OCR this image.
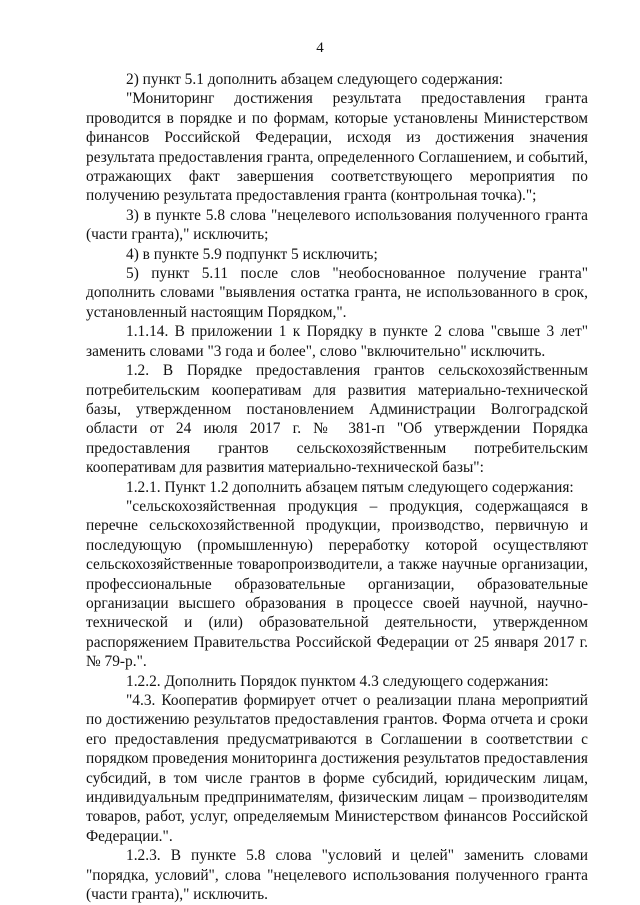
4

2) пункт 5.1 дополнить абзацем следующего содержания:

"Мониторинг достижения результата предоставления гранта проводится в порядке и по формам, которые установлены Министерством финансов Российской Федерации, исходя из достижения значения результата предоставления гранта, определенного Соглашением, и событий, отражающих факт завершения соответствующего мероприятия по получению результата предоставления гранта (контрольная точка).";

3) в пункте 5.8 слова "нецелевого использования полученного гранта (части гранта)," исключить;

4) в пункте 5.9 подпункт 5 исключить;

5) пункт 5.11 после слов "необоснованное получение гранта" дополнить словами "выявления остатка гранта, не использованного в срок, установленный настоящим Порядком,".

1.1.14. В приложении 1 к Порядку в пункте 2 слова "свыше 3 лет" заменить словами "3 года и более", слово "включительно" исключить.

1.2. В Порядке предоставления грантов сельскохозяйственным потребительским кооперативам для развития материально-технической базы, утвержденном постановлением Администрации Волгоградской области от 24 июля 2017 г. № 381-п "Об утверждении Порядка предоставления грантов сельскохозяйственным потребительским кооперативам для развития материально-технической базы":

1.2.1. Пункт 1.2 дополнить абзацем пятым следующего содержания:

"сельскохозяйственная продукция – продукция, содержащаяся в перечне сельскохозяйственной продукции, производство, первичную и последующую (промышленную) переработку которой осуществляют сельскохозяйственные товаропроизводители, а также научные организации, профессиональные образовательные организации, образовательные организации высшего образования в процессе своей научной, научно-технической и (или) образовательной деятельности, утвержденном распоряжением Правительства Российской Федерации от 25 января 2017 г. № 79-р.".

1.2.2. Дополнить Порядок пунктом 4.3 следующего содержания:

"4.3. Кооператив формирует отчет о реализации плана мероприятий по достижению результатов предоставления грантов. Форма отчета и сроки его предоставления предусматриваются в Соглашении в соответствии с порядком проведения мониторинга достижения результатов предоставления субсидий, в том числе грантов в форме субсидий, юридическим лицам, индивидуальным предпринимателям, физическим лицам – производителям товаров, работ, услуг, определяемым Министерством финансов Российской Федерации.".

1.2.3. В пункте 5.8 слова "условий и целей" заменить словами "порядка, условий", слова "нецелевого использования полученного гранта (части гранта)," исключить.
